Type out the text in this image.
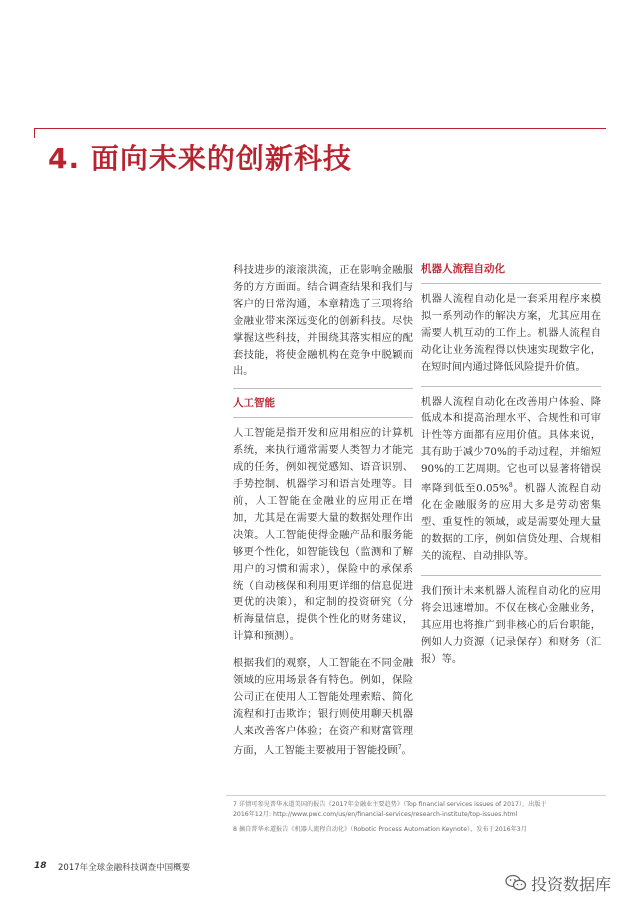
4. 面向未来的创新科技

科技进步的滚滚洪流，正在影响金融服务的方方面面。结合调查结果和我们与客户的日常沟通，本章精选了三项将给金融业带来深远变化的创新科技。尽快掌握这些科技，并围绕其落实相应的配套技能，将使金融机构在竞争中脱颖而出。

人工智能

人工智能是指开发和应用相应的计算机系统，来执行通常需要人类智力才能完成的任务，例如视觉感知、语音识别、手势控制、机器学习和语言处理等。目前，人工智能在金融业的应用正在增加，尤其是在需要大量的数据处理作出决策。人工智能使得金融产品和服务能够更个性化，如智能钱包（监测和了解用户的习惯和需求），保险中的承保系统（自动核保和利用更详细的信息促进更优的决策），和定制的投资研究（分析海量信息，提供个性化的财务建议，计算和预测）。

根据我们的观察，人工智能在不同金融领域的应用场景各有特色。例如，保险公司正在使用人工智能处理索赔、简化流程和打击欺诈；银行则使用聊天机器人来改善客户体验；在资产和财富管理方面，人工智能主要被用于智能投顾$^7$。

机器人流程自动化

机器人流程自动化是一套采用程序来模拟一系列动作的解决方案，尤其应用在需要人机互动的工作上。机器人流程自动化让业务流程得以快速实现数字化，在短时间内通过降低风险提升价值。

机器人流程自动化在改善用户体验、降低成本和提高治理水平、合规性和可审计性等方面都有应用价值。具体来说，其有助于减少70%的手动过程，并缩短90%的工艺周期。它也可以显著将错误率降到低至0.05%$^8$。机器人流程自动化在金融服务的应用大多是劳动密集型、重复性的领域，或是需要处理大量的数据的工序，例如信贷处理、合规相关的流程、自动排队等。

我们预计未来机器人流程自动化的应用将会迅速增加。不仅在核心金融业务，其应用也将推广到非核心的后台职能，例如人力资源（记录保存）和财务（汇报）等。

7 详情可参见普华永道美国的报告《2017年金融业主要趋势》（Top financial services issues of 2017），出版于
2016年12月: http://www.pwc.com/us/en/financial-services/research-institute/top-issues.html
8 摘自普华永道报告《机器人流程自动化》（Robotic Process Automation Keynote），发布于2016年3月
18 2017年全球金融科技调查中国概要
投资数据库
